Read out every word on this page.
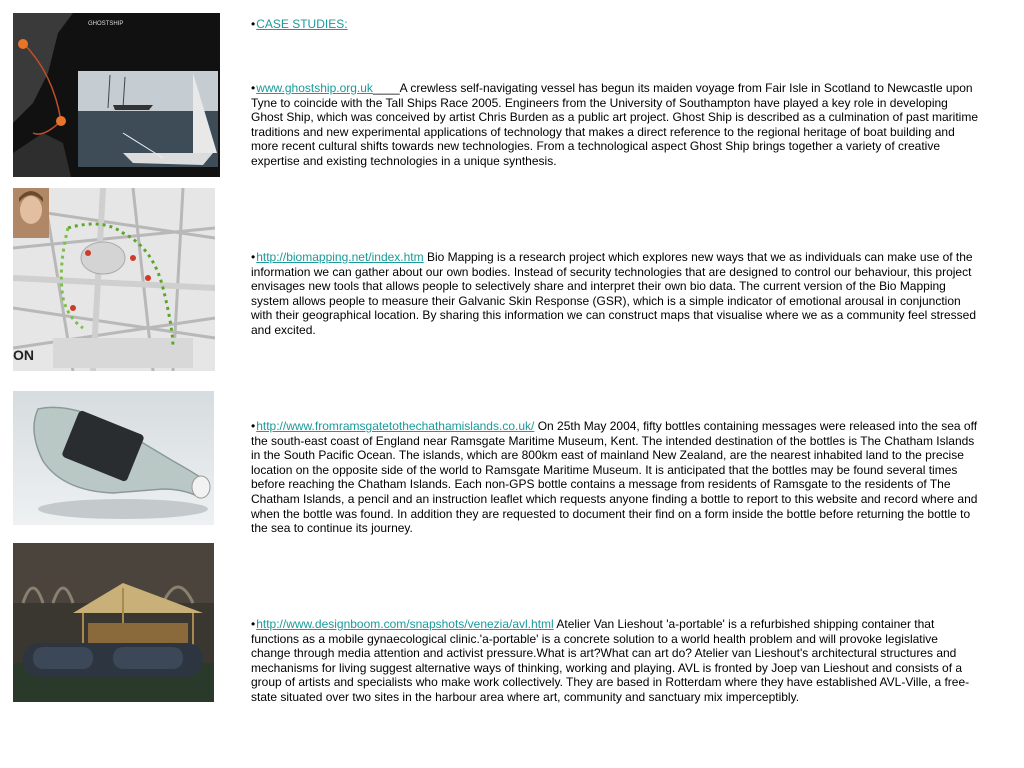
GHOSTSHIP
ON
•CASE STUDIES:
•www.ghostship.org.uk____A crewless self-navigating vessel has begun its maiden voyage from Fair Isle in Scotland to Newcastle upon Tyne to coincide with the Tall Ships Race 2005. Engineers from the University of Southampton have played a key role in developing Ghost Ship, which was conceived by artist Chris Burden as a public art project. Ghost Ship is described as a culmination of past maritime traditions and new experimental applications of technology that makes a direct reference to the regional heritage of boat building and more recent cultural shifts towards new technologies. From a technological aspect Ghost Ship brings together a variety of creative expertise and existing technologies in a unique synthesis.
•http://biomapping.net/index.htm Bio Mapping is a research project which explores new ways that we as individuals can make use of the information we can gather about our own bodies. Instead of security technologies that are designed to control our behaviour, this project envisages new tools that allows people to selectively share and interpret their own bio data. The current version of the Bio Mapping system allows people to measure their Galvanic Skin Response (GSR), which is a simple indicator of emotional arousal in conjunction with their geographical location. By sharing this information we can construct maps that visualise where we as a community feel stressed and excited.
•http://www.fromramsgatetothechathamislands.co.uk/ On 25th May 2004, fifty bottles containing messages were released into the sea off the south-east coast of England near Ramsgate Maritime Museum, Kent. The intended destination of the bottles is The Chatham Islands in the South Pacific Ocean. The islands, which are 800km east of mainland New Zealand, are the nearest inhabited land to the precise location on the opposite side of the world to Ramsgate Maritime Museum. It is anticipated that the bottles may be found several times before reaching the Chatham Islands. Each non-GPS bottle contains a message from residents of Ramsgate to the residents of The Chatham Islands, a pencil and an instruction leaflet which requests anyone finding a bottle to report to this website and record where and when the bottle was found. In addition they are requested to document their find on a form inside the bottle before returning the bottle to the sea to continue its journey.
•http://www.designboom.com/snapshots/venezia/avl.html Atelier Van Lieshout 'a-portable' is a refurbished shipping container that functions as a mobile gynaecological clinic.'a-portable' is a concrete solution to a world health problem and will provoke legislative change through media attention and activist pressure.What is art?What can art do? Atelier van Lieshout's architectural structures and mechanisms for living suggest alternative ways of thinking, working and playing. AVL is fronted by Joep van Lieshout and consists of a group of artists and specialists who make work collectively. They are based in Rotterdam where they have established AVL-Ville, a free-state situated over two sites in the harbour area where art, community and sanctuary mix imperceptibly.
